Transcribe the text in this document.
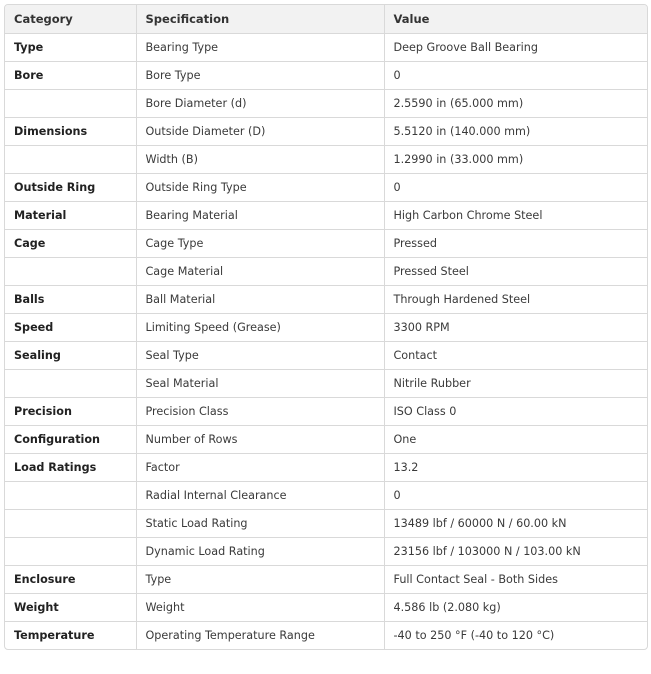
Category	Specification	Value
Type	Bearing Type	Deep Groove Ball Bearing
Bore	Bore Type	0
	Bore Diameter (d)	2.5590 in (65.000 mm)
Dimensions	Outside Diameter (D)	5.5120 in (140.000 mm)
	Width (B)	1.2990 in (33.000 mm)
Outside Ring	Outside Ring Type	0
Material	Bearing Material	High Carbon Chrome Steel
Cage	Cage Type	Pressed
	Cage Material	Pressed Steel
Balls	Ball Material	Through Hardened Steel
Speed	Limiting Speed (Grease)	3300 RPM
Sealing	Seal Type	Contact
	Seal Material	Nitrile Rubber
Precision	Precision Class	ISO Class 0
Configuration	Number of Rows	One
Load Ratings	Factor	13.2
	Radial Internal Clearance	0
	Static Load Rating	13489 lbf / 60000 N / 60.00 kN
	Dynamic Load Rating	23156 lbf / 103000 N / 103.00 kN
Enclosure	Type	Full Contact Seal - Both Sides
Weight	Weight	4.586 lb (2.080 kg)
Temperature	Operating Temperature Range	-40 to 250 °F (-40 to 120 °C)
